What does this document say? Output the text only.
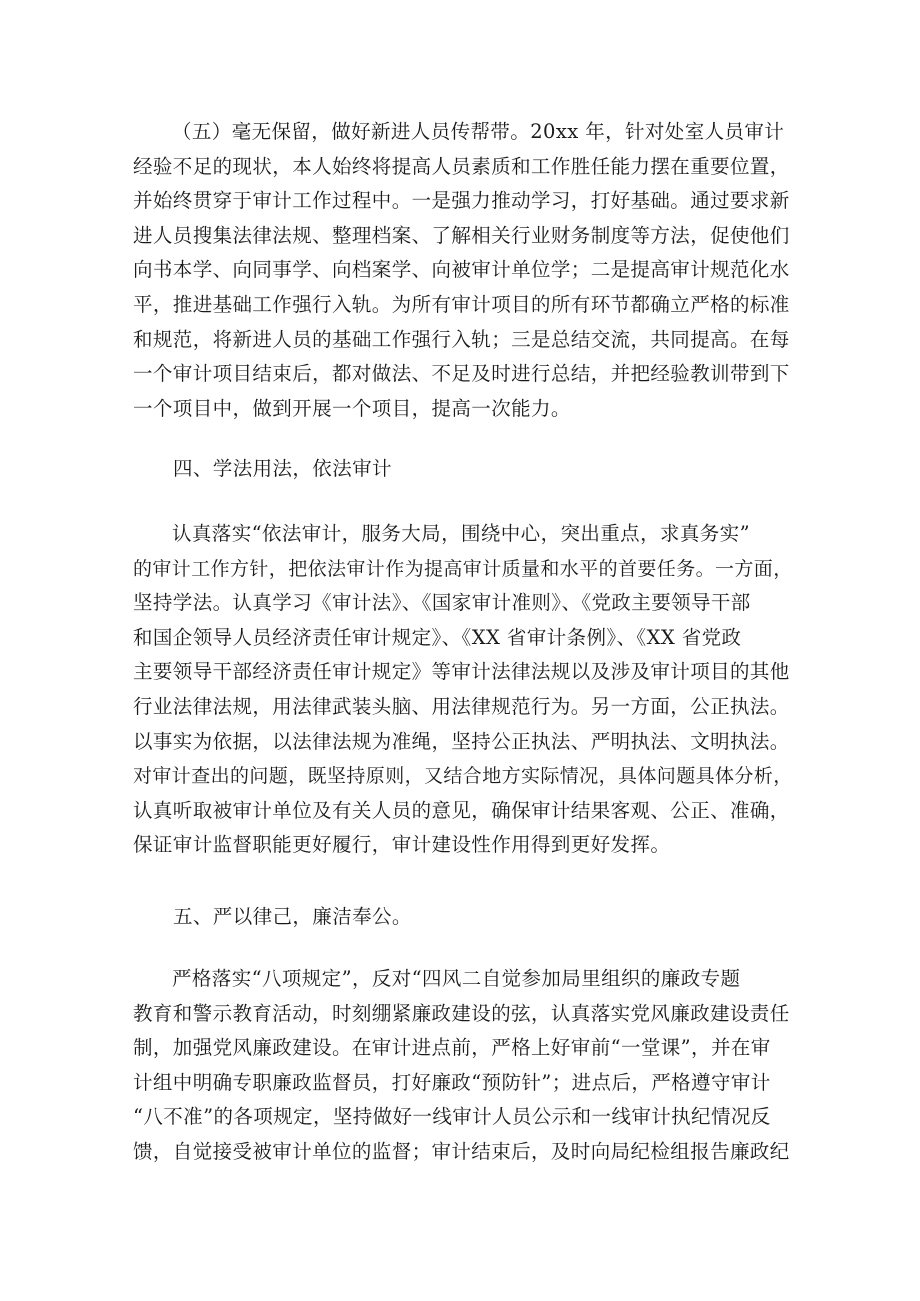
（五）毫无保留，做好新进人员传帮带。20xx 年，针对处室人员审计
经验不足的现状，本人始终将提高人员素质和工作胜任能力摆在重要位置，
并始终贯穿于审计工作过程中。一是强力推动学习，打好基础。通过要求新
进人员搜集法律法规、整理档案、了解相关行业财务制度等方法，促使他们
向书本学、向同事学、向档案学、向被审计单位学；二是提高审计规范化水
平，推进基础工作强行入轨。为所有审计项目的所有环节都确立严格的标准
和规范，将新进人员的基础工作强行入轨；三是总结交流，共同提高。在每
一个审计项目结束后，都对做法、不足及时进行总结，并把经验教训带到下
一个项目中，做到开展一个项目，提高一次能力。
四、学法用法，依法审计
认真落实“依法审计，服务大局，围绕中心，突出重点，求真务实”
的审计工作方针，把依法审计作为提高审计质量和水平的首要任务。一方面，
坚持学法。认真学习《审计法》、《国家审计准则》、《党政主要领导干部
和国企领导人员经济责任审计规定》、《XX 省审计条例》、《XX 省党政
主要领导干部经济责任审计规定》等审计法律法规以及涉及审计项目的其他
行业法律法规，用法律武装头脑、用法律规范行为。另一方面，公正执法。
以事实为依据，以法律法规为准绳，坚持公正执法、严明执法、文明执法。
对审计查出的问题，既坚持原则，又结合地方实际情况，具体问题具体分析，
认真听取被审计单位及有关人员的意见，确保审计结果客观、公正、准确，
保证审计监督职能更好履行，审计建设性作用得到更好发挥。
五、严以律己，廉洁奉公。
严格落实“八项规定”，反对“四风二自觉参加局里组织的廉政专题
教育和警示教育活动，时刻绷紧廉政建设的弦，认真落实党风廉政建设责任
制，加强党风廉政建设。在审计进点前，严格上好审前“一堂课”，并在审
计组中明确专职廉政监督员，打好廉政“预防针”；进点后，严格遵守审计
“八不准”的各项规定，坚持做好一线审计人员公示和一线审计执纪情况反
馈，自觉接受被审计单位的监督；审计结束后，及时向局纪检组报告廉政纪
